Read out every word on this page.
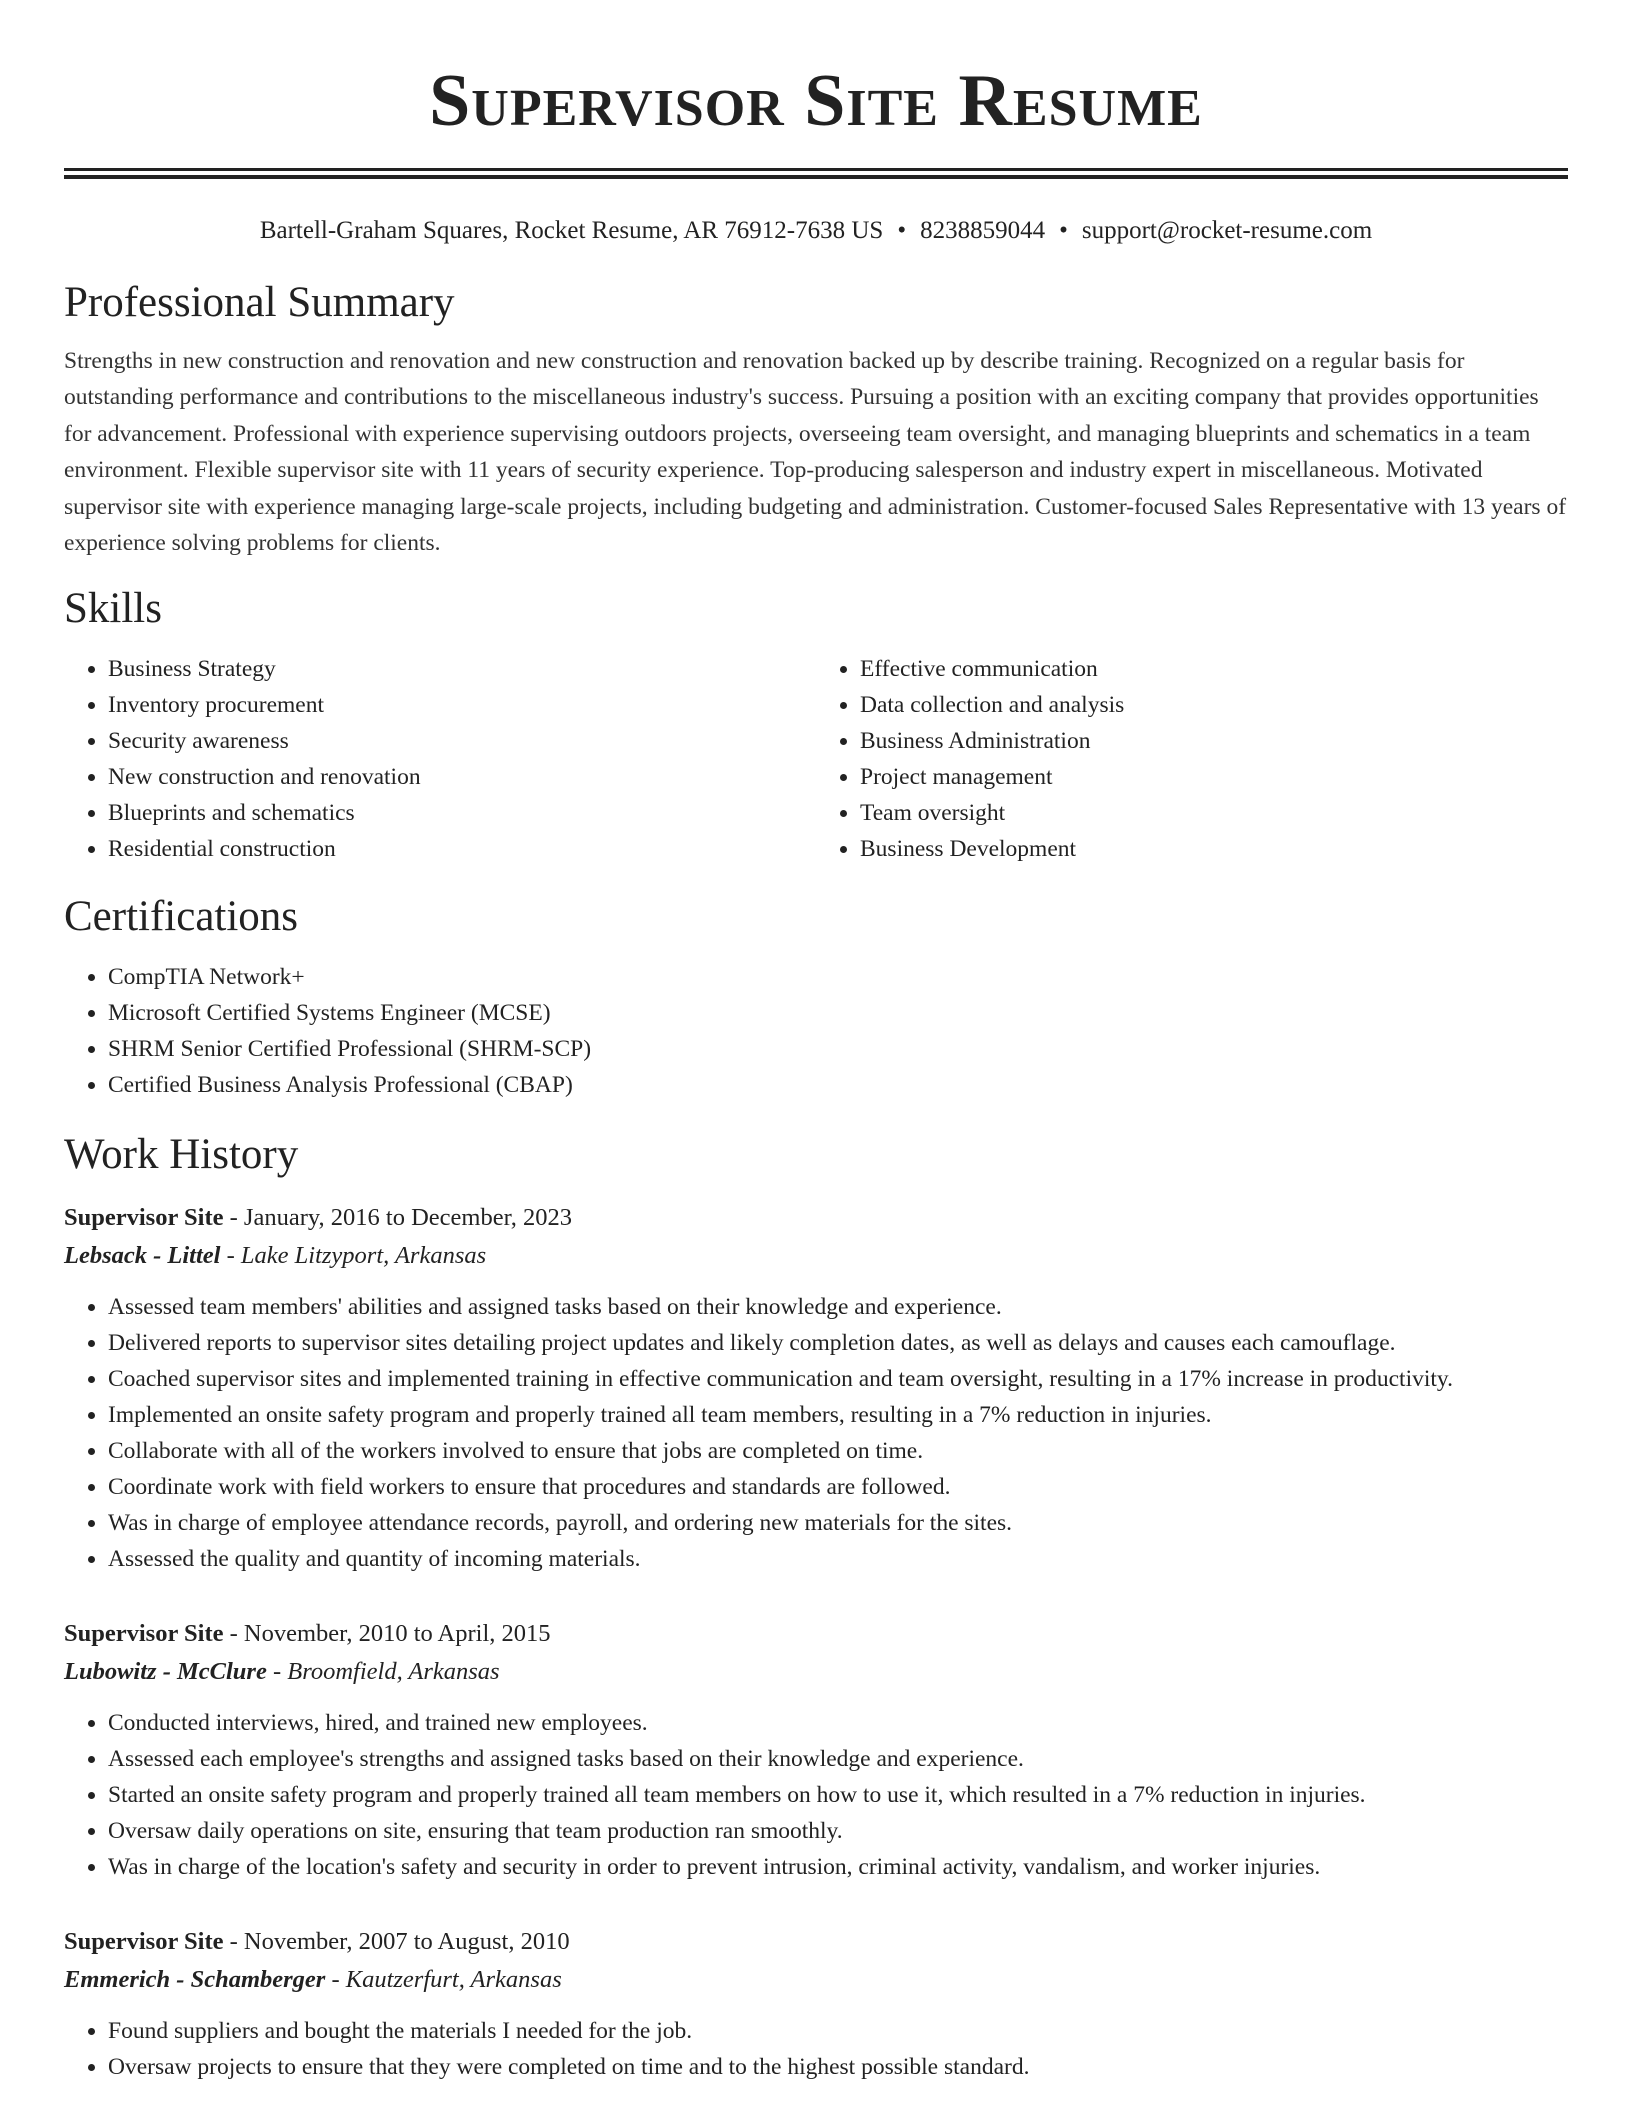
Supervisor Site Resume
Bartell-Graham Squares, Rocket Resume, AR 76912-7638 US • 8238859044 • support@rocket-resume.com
Professional Summary

Strengths in new construction and renovation and new construction and renovation backed up by describe training. Recognized on a regular basis for outstanding performance and contributions to the miscellaneous industry's success. Pursuing a position with an exciting company that provides opportunities for advancement. Professional with experience supervising outdoors projects, overseeing team oversight, and managing blueprints and schematics in a team environment. Flexible supervisor site with 11 years of security experience. Top-producing salesperson and industry expert in miscellaneous. Motivated supervisor site with experience managing large-scale projects, including budgeting and administration. Customer-focused Sales Representative with 13 years of experience solving problems for clients.

Skills
• Business Strategy
• Inventory procurement
• Security awareness
• New construction and renovation
• Blueprints and schematics
• Residential construction
• Effective communication
• Data collection and analysis
• Business Administration
• Project management
• Team oversight
• Business Development
Certifications
• CompTIA Network+
• Microsoft Certified Systems Engineer (MCSE)
• SHRM Senior Certified Professional (SHRM-SCP)
• Certified Business Analysis Professional (CBAP)
Work History
Supervisor Site - January, 2016 to December, 2023
Lebsack - Littel - Lake Litzyport, Arkansas
• Assessed team members' abilities and assigned tasks based on their knowledge and experience.
• Delivered reports to supervisor sites detailing project updates and likely completion dates, as well as delays and causes each camouflage.
• Coached supervisor sites and implemented training in effective communication and team oversight, resulting in a 17% increase in productivity.
• Implemented an onsite safety program and properly trained all team members, resulting in a 7% reduction in injuries.
• Collaborate with all of the workers involved to ensure that jobs are completed on time.
• Coordinate work with field workers to ensure that procedures and standards are followed.
• Was in charge of employee attendance records, payroll, and ordering new materials for the sites.
• Assessed the quality and quantity of incoming materials.
Supervisor Site - November, 2010 to April, 2015
Lubowitz - McClure - Broomfield, Arkansas
• Conducted interviews, hired, and trained new employees.
• Assessed each employee's strengths and assigned tasks based on their knowledge and experience.
• Started an onsite safety program and properly trained all team members on how to use it, which resulted in a 7% reduction in injuries.
• Oversaw daily operations on site, ensuring that team production ran smoothly.
• Was in charge of the location's safety and security in order to prevent intrusion, criminal activity, vandalism, and worker injuries.
Supervisor Site - November, 2007 to August, 2010
Emmerich - Schamberger - Kautzerfurt, Arkansas
• Found suppliers and bought the materials I needed for the job.
• Oversaw projects to ensure that they were completed on time and to the highest possible standard.
